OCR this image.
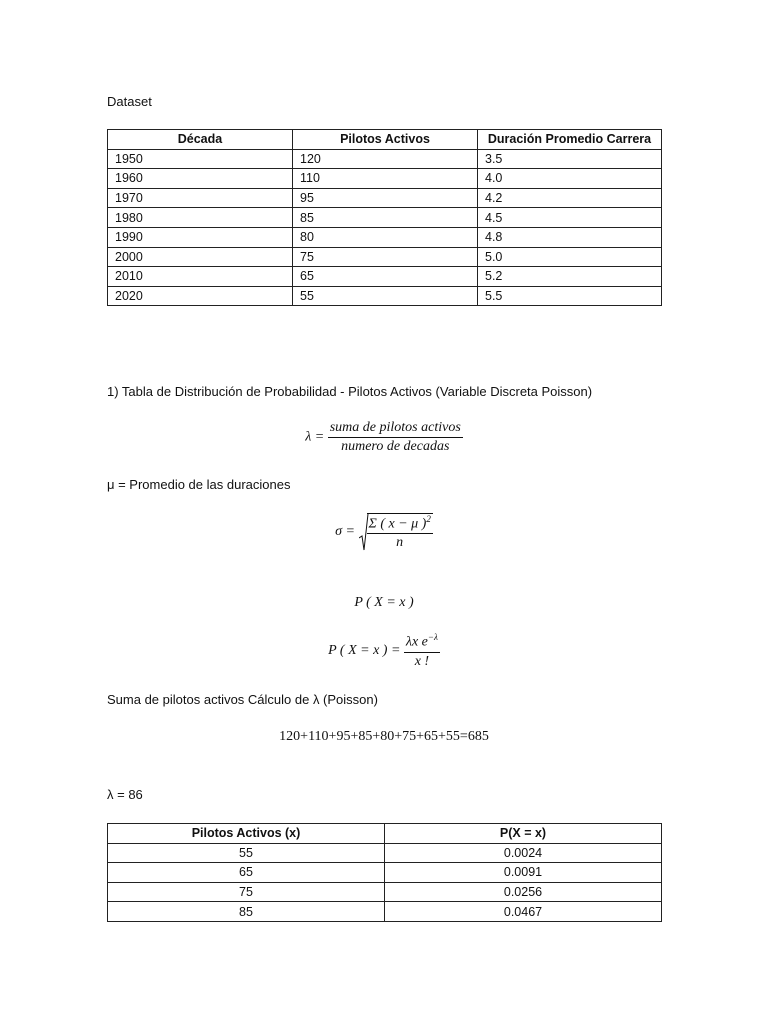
Dataset
Década	Pilotos Activos	Duración Promedio Carrera
1950	120	3.5
1960	110	4.0
1970	95	4.2
1980	85	4.5
1990	80	4.8
2000	75	5.0
2010	65	5.2
2020	55	5.5
1) Tabla de Distribución de Probabilidad - Pilotos Activos (Variable Discreta Poisson)
$\lambda = \frac{\text{suma de pilotos activos}}{\text{numero de decadas}}$
μ = Promedio de las duraciones
$\sigma = \frac{\Sigma ( x - \mu )^2}{n}$
P ( X = x )
P ( X = x ) = $\frac{\lambda x e^{-\lambda}}{x !}$
Suma de pilotos activos Cálculo de λ (Poisson)
120+110+95+85+80+75+65+55=685
λ = 86
Pilotos Activos (x)	P(X = x)
55	0.0024
65	0.0091
75	0.0256
85	0.0467
